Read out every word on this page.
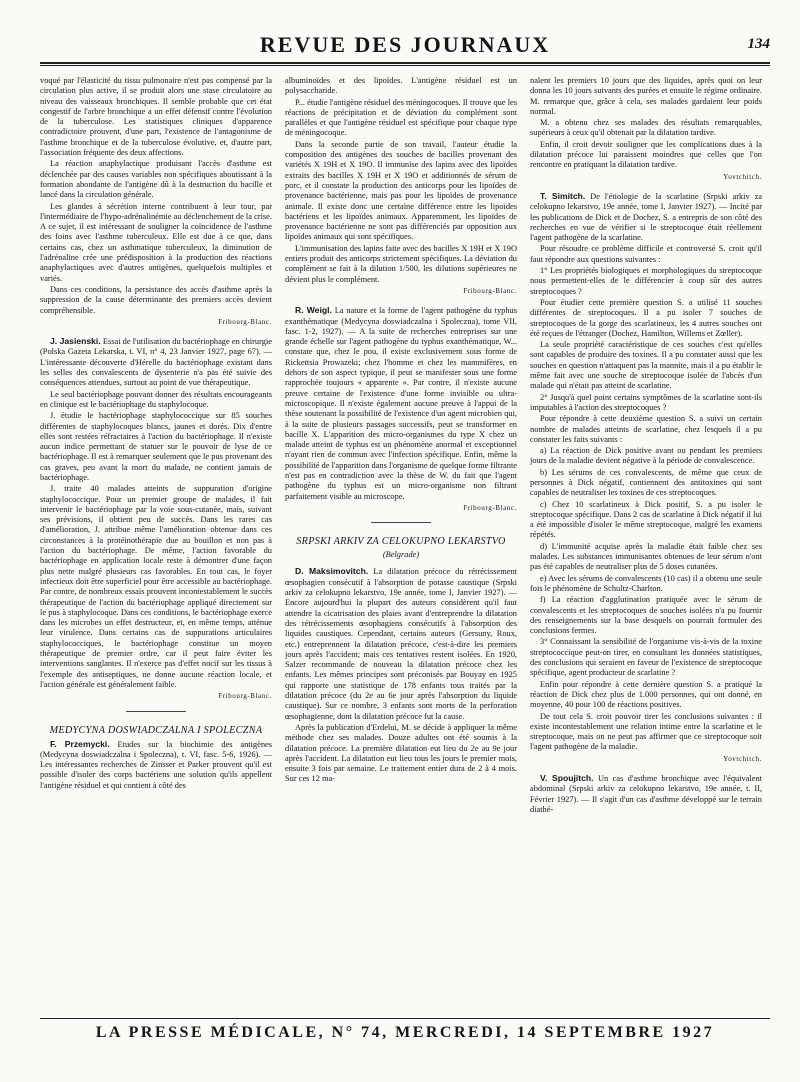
REVUE DES JOURNAUX	134

voqué par l'élasticité du tissu pulmonaire n'est pas compensé par la circulation plus active, il se produit alors une stase circulatoire au niveau des vaisseaux bronchiques. Il semble probable que cet état congestif de l'arbre bronchique a un effet défensif contre l'évolution de la tuberculose. Les statistiques cliniques d'apparence contradictoire prouvent, d'une part, l'existence de l'antagonisme de l'asthme bronchique et de la tuberculose évolutive, et, d'autre part, l'association fréquente des deux affections.

La réaction anaphylactique produisant l'accès d'asthme est déclenchée par des causes variables non spécifiques aboutissant à la formation abondante de l'antigène dû à la destruction du bacille et lancé dans la circulation générale.

Les glandes à sécrétion interne contribuent à leur tour, par l'intermédiaire de l'hypo-adrénalinémie au déclenchement de la crise. A ce sujet, il est intéressant de souligner la coïncidence de l'asthme des foins avec l'asthme tuberculeux. Elle est due à ce que, dans certains cas, chez un asthmatique tuberculeux, la diminution de l'adrénaline crée une prédisposition à la production des réactions anaphylactiques avec d'autres antigènes, quelquefois multiples et variés.

Dans ces conditions, la persistance des accès d'asthme après la suppression de la cause déterminante des premiers accès devient compréhensible.

Fribourg-Blanc.

J. Jasienski. Essai de l'utilisation du bactériophage en chirurgie (Polska Gazeta Lekarska, t. VI, n° 4, 23 Janvier 1927, page 67). — L'intéressante découverte d'Hérelle du bactériophage existant dans les selles des convalescents de dysenterie n'a pas été suivie des conséquences attendues, surtout au point de vue thérapeutique.

Le seul bactériophage pouvant donner des résultats encourageants en clinique est le bactériophage du staphylocoque.

J. étudie le bactériophage staphylococcique sur 85 souches différentes de staphylocoques blancs, jaunes et dorés. Dix d'entre elles sont restées réfractaires à l'action du bactériophage. Il n'existe aucun indice permettant de statuer sur le pouvoir de lyse de ce bactériophage. Il est à remarquer seulement que le pus provenant des cas graves, peu avant la mort du malade, ne contient jamais de bactériophage.

J. traite 40 malades atteints de suppuration d'origine staphylococcique. Pour un premier groupe de malades, il fait intervenir le bactériophage par la voie sous-cutanée, mais, suivant ses prévisions, il obtient peu de succès. Dans les rares cas d'amélioration, J. attribue même l'amélioration obtenue dans ces circonstances à la protéinothérapie due au bouillon et non pas à l'action du bactériophage. De même, l'action favorable du bactériophage en application locale reste à démontrer d'une façon plus nette malgré plusieurs cas favorables. En tout cas, le foyer infectieux doit être superficiel pour être accessible au bactériophage. Par contre, de nombreux essais prouvent incontestablement le succès thérapeutique de l'action du bactériophage appliqué directement sur le pus à staphylocoque. Dans ces conditions, le bactériophage exerce dans les microbes un effet destructeur, et, en même temps, atténue leur virulence. Dans certains cas de suppurations articulaires staphylococciques, le bactériophage constitue un moyen thérapeutique de premier ordre, car il peut faire éviter les interventions sanglantes. Il n'exerce pas d'effet nocif sur les tissus à l'exemple des antiseptiques, ne donne aucune réaction locale, et l'action générale est généralement faible.

Fribourg-Blanc.
MEDYCYNA DOSWIADCZALNA I SPOLECZNA

F. Przemycki. Etudes sur la biochimie des antigènes (Medycyna doswiadczalna i Spoleczna), t. VI, fasc. 5-6, 1926). — Les intéressantes recherches de Zinsser et Parker prouvent qu'il est possible d'isoler des corps bactériens une solution qu'ils appellent l'antigène résiduel et qui contient à côté des

albuminoïdes et des lipoïdes. L'antigène résiduel est un polysaccharide.

P... étudie l'antigène résiduel des méningocoques. Il trouve que les réactions de précipitation et de déviation du complément sont parallèles et que l'antigène résiduel est spécifique pour chaque type de méningocoque.

Dans la seconde partie de son travail, l'auteur étudie la composition des antigènes des souches de bacilles provenant des variétés X 19H et X 19O. Il immunise des lapins avec des lipoïdes extraits des bacilles X 19H et X 19O et additionnés de sérum de porc, et il constate la production des anticorps pour les lipoïdes de provenance bactérienne, mais pas pour les lipoïdes de provenance animale. Il existe donc une certaine différence entre les lipoïdes bactériens et les lipoïdes animaux. Apparemment, les lipoïdes de provenance bactérienne ne sont pas différenciés par opposition aux lipoïdes animaux qui sont spécifiques.

L'immunisation des lapins faite avec des bacilles X 19H et X 19O entiers produit des anticorps strictement spécifiques. La déviation du complément se fait à la dilution 1/500, les dilutions supérieures ne dévient plus le complément.

Fribourg-Blanc.

R. Weigl. La nature et la forme de l'agent pathogène du typhus exanthématique (Medycyna doswiadczalna i Spoleczna), tome VII, fasc. 1-2, 1927). — A la suite de recherches entreprises sur une grande échelle sur l'agent pathogène du typhus exanthématique, W... constate que, chez le pou, il existe exclusivement sous forme de Rickettsia Prowazeki; chez l'homme et chez les mammifères, en dehors de son aspect typique, il peut se manifester sous une forme rapprochée toujours « apparente ». Par contre, il n'existe aucune preuve certaine de l'existence d'une forme invisible ou ultra-microscopique. Il n'existe également aucune preuve à l'appui de la thèse soutenant la possibilité de l'existence d'un agent microbien qui, à la suite de plusieurs passages successifs, peut se transformer en bacille X. L'apparition des micro-organismes du type X chez un malade atteint de typhus est un phénomène anormal et exceptionnel n'ayant rien de commun avec l'infection spécifique. Enfin, même la possibilité de l'apparition dans l'organisme de quelque forme filtrante n'est pas en contradiction avec la thèse de W. du fait que l'agent pathogène du typhus est un micro-organisme non filtrant parfaitement visible au microscope.

Fribourg-Blanc.
SRPSKI ARKIV ZA CELOKUPNO LEKARSTVO
(Belgrade)

D. Maksimovitch. La dilatation précoce du rétrécissement œsophagien consécutif à l'absorption de potasse caustique (Srpski arkiv za celokupno lekarstvo, 19e année, tome I, Janvier 1927). — Encore aujourd'hui la plupart des auteurs considèrent qu'il faut attendre la cicatrisation des plaies avant d'entreprendre la dilatation des rétrécissements œsophagiens consécutifs à l'absorption des liquides caustiques. Cependant, certains auteurs (Gersuny, Roux, etc.) entreprennent la dilatation précoce, c'est-à-dire les premiers jours après l'accident; mais ces tentatives restent isolées. En 1920, Salzer recommande de nouveau la dilatation précoce chez les enfants. Les mêmes principes sont préconisés par Bouyay en 1925 qui rapporte une statistique de 178 enfants tous traités par la dilatation précoce (du 2e au 6e jour après l'absorption du liquide caustique). Sur ce nombre, 3 enfants sont morts de la perforation œsophagienne, dont la dilatation précoce fut la cause.

Après la publication d'Erdelui, M. se décide à appliquer la même méthode chez ses malades. Douze adultes ont été soumis à la dilatation précoce. La première dilatation eut lieu du 2e au 9e jour après l'accident. La dilatation eut lieu tous les jours le premier mois, ensuite 3 fois par semaine. Le traitement entier dura de 2 à 4 mois. Sur ces 12 ma-

nalent les premiers 10 jours que des liquides, après quoi on leur donna les 10 jours suivants des purées et ensuite le régime ordinaire. M. remarque que, grâce à cela, ses malades gardaient leur poids normal.

M. a obtenu chez ses malades des résultats remarquables, supérieurs à ceux qu'il obtenait par la dilatation tardive.

Enfin, il croit devoir souligner que les complications dues à la dilatation précoce lui paraissent moindres que celles que l'on rencontre en pratiquant la dilatation tardive.

Yovtchitch.

T. Simitch. De l'étiologie de la scarlatine (Srpski arkiv za celokupno lekarstvo, 19e année, tome I, Janvier 1927). — Incité par les publications de Dick et de Dochez, S. a entrepris de son côté des recherches en vue de vérifier si le streptocoque était réellement l'agent pathogène de la scarlatine.

Pour résoudre ce problème difficile et controversé S. croit qu'il faut répondre aux questions suivantes :

1° Les propriétés biologiques et morphologiques du streptocoque nous permettent-elles de le différencier à coup sûr des autres streptocoques ?

Pour étudier cette première question S. a utilisé 11 souches différentes de streptocoques. Il a pu isoler 7 souches de streptocoques de la gorge des scarlatineux, les 4 autres souches ont été reçues de l'étranger (Dochez, Hamilton, Willems et Zœller).

La seule propriété caractéristique de ces souches c'est qu'elles sont capables de produire des toxines. Il a pu constater aussi que les souches en question n'attaquent pas la mannite, mais il a pu établir le même fait avec une souche de streptocoque isolée de l'abcès d'un malade qui n'était pas atteint de scarlatine.

2° Jusqu'à quel point certains symptômes de la scarlatine sont-ils imputables à l'action des streptocoques ?

Pour répondre à cette deuxième question S. a suivi un certain nombre de malades atteints de scarlatine, chez lesquels il a pu constater les faits suivants :

a) La réaction de Dick positive avant ou pendant les premiers jours de la maladie devient négative à la période de convalescence.

b) Les sérums de ces convalescents, de même que ceux de personnes à Dick négatif, contiennent des antitoxines qui sont capables de neutraliser les toxines de ces streptocoques.

c) Chez 10 scarlatineux à Dick positif, S. a pu isoler le streptocoque spécifique. Dans 2 cas de scarlatine à Dick négatif il lui a été impossible d'isoler le même streptocoque, malgré les examens répétés.

d) L'immunité acquise après la maladie était faible chez ses malades. Les substances immunisantes obtenues de leur sérum n'ont pas été capables de neutraliser plus de 5 doses cutanées.

e) Avec les sérums de convalescents (10 cas) il a obtenu une seule fois le phénomène de Schultz-Charlton.

f) La réaction d'agglutination pratiquée avec le sérum de convalescents et les streptocoques de souches isolées n'a pu fournir des renseignements sur la base desquels on pourrait formuler des conclusions fermes.

3° Connaissant la sensibilité de l'organisme vis-à-vis de la toxine streptococcique peut-on tirer, en consultant les données statistiques, des conclusions qui seraient en faveur de l'existence de streptocoque spécifique, agent producteur de scarlatine ?

Enfin pour répondre à cette dernière question S. a pratiqué la réaction de Dick chez plus de 1.000 personnes, qui ont donné, en moyenne, 40 pour 100 de réactions positives.

De tout cela S. croit pouvoir tirer les conclusions suivantes : il existe incontestablement une relation intime entre la scarlatine et le streptocoque, mais on ne peut pas affirmer que ce streptocoque soit l'agent pathogène de la maladie.

Yovtchitch.

V. Spoujitch. Un cas d'asthme bronchique avec l'équivalent abdominal (Srpski arkiv za celokupno lekarstvo, 19e année, t. II, Février 1927). — Il s'agit d'un cas d'asthme développé sur le terrain diathé-

LA PRESSE MÉDICALE, N° 74, MERCREDI, 14 SEPTEMBRE 1927
